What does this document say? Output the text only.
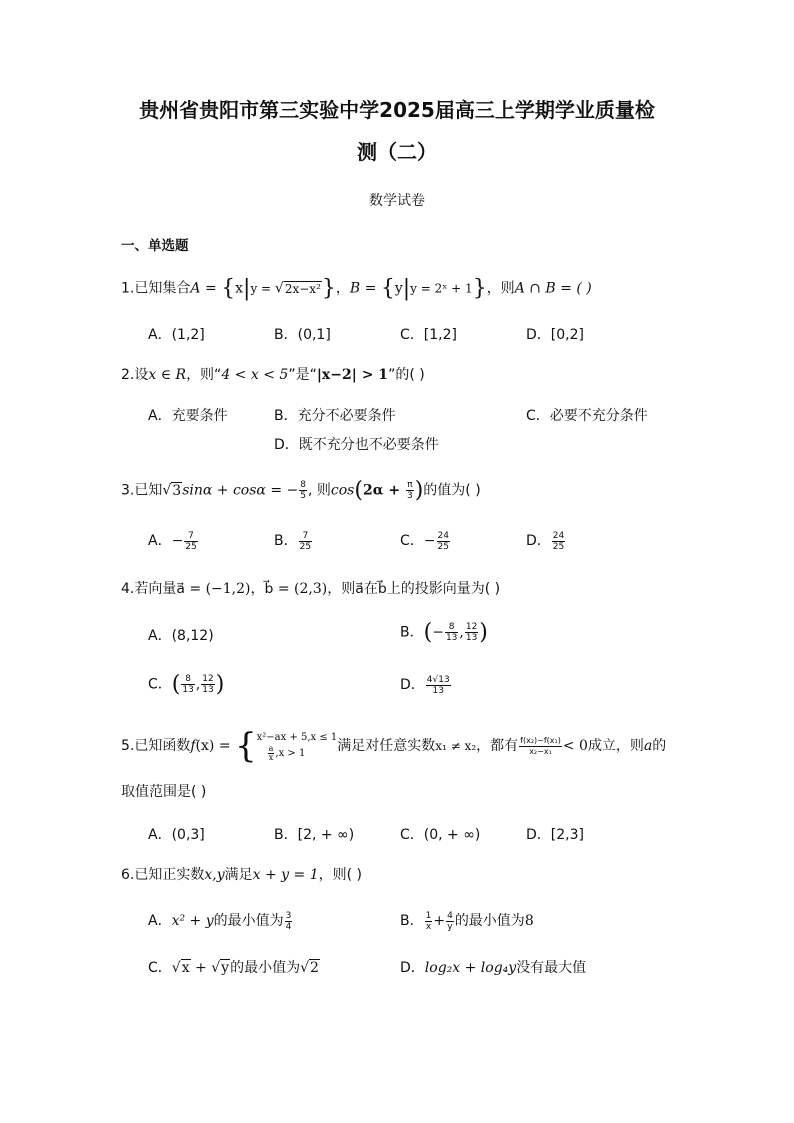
贵州省贵阳市第三实验中学2025届高三上学期学业质量检
测（二）
数学试卷
一、单选题
1.已知集合A = {x|y = √2x−x²}，B = {y|y = 2ˣ + 1}，则A ∩ B = ( )
A．(1,2]	B．(0,1]	C．[1,2]	D．[0,2]
2.设x ∈ R，则“4 < x < 5”是“|x−2| > 1”的( )
A．充要条件	B．充分不必要条件	C．必要不充分条件
D．既不充分也不必要条件
3.已知√3sinα + cosα = − $\frac{8}{5}$ , 则$\cos(2\alpha + \frac{\pi}{3}$ )的值为( )
A．− $\frac{7}{25}$	B． $\frac{7}{25}$	C．− $\frac{24}{25}$	D． $\frac{24}{25}$
4.若向量a⃗ = (−1,2)，b⃗ = (2,3)，则a⃗在b⃗上的投影向量为( )
A．(8,12)	B．(− $\frac{8}{13}$ , $\frac{12}{13}$ )
C．( $\frac{8}{13}$ , $\frac{12}{13}$ )	D． $\frac{4√13}{13}$
5.已知函数f(x) = { x²−ax + 5,x ≤ 1
$\frac{a}{x} ,x > 1$	满足对任意实数x₁ ≠ x₂，都有 $\frac{\text{f(x₂)−f(x₁)}}{\text{x₂−x₁}} < 0$成立，则a的
取值范围是( )
A．(0,3]	B．[2, + ∞)	C．(0, + ∞)	D．[2,3]
6.已知正实数x,y满足x + y = 1，则( )
A．x² + y的最小值为 $\frac{3}{4}$	B． $\frac{1}{x} + \frac{4}{y}$ 的最小值为8
C．√x + √y的最小值为√2	D．log₂x + log₄y没有最大值
